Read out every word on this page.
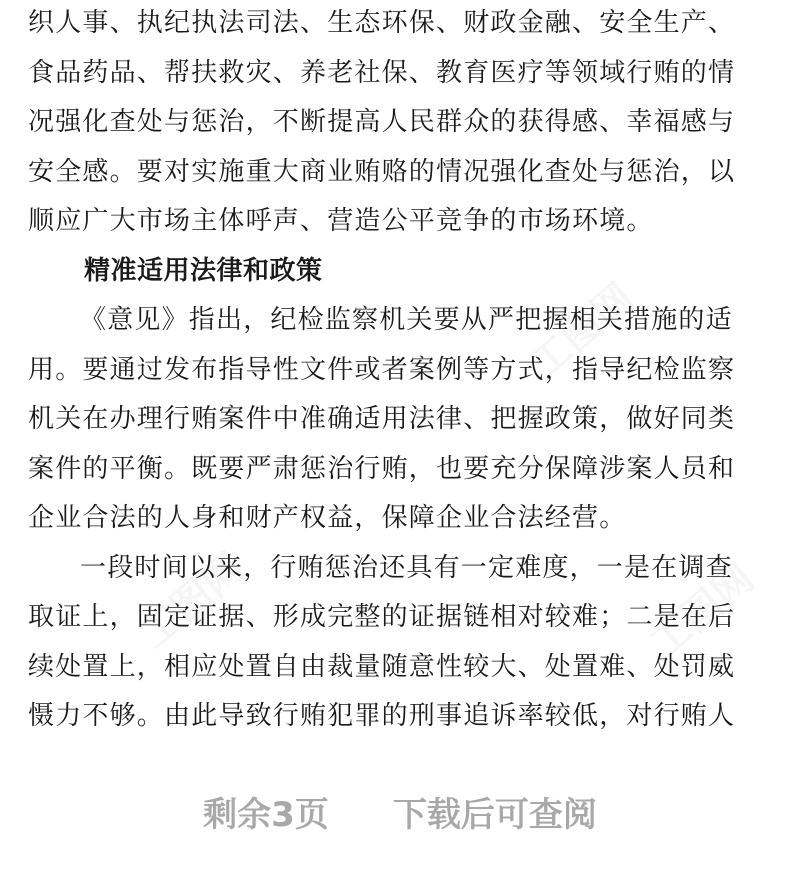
工图网
工图网	工图网

织人事、执纪执法司法、生态环保、财政金融、安全生产、

食品药品、帮扶救灾、养老社保、教育医疗等领域行贿的情

况强化查处与惩治，不断提高人民群众的获得感、幸福感与

安全感。要对实施重大商业贿赂的情况强化查处与惩治，以

顺应广大市场主体呼声、营造公平竞争的市场环境。

精准适用法律和政策

《意见》指出，纪检监察机关要从严把握相关措施的适

用。要通过发布指导性文件或者案例等方式，指导纪检监察

机关在办理行贿案件中准确适用法律、把握政策，做好同类

案件的平衡。既要严肃惩治行贿，也要充分保障涉案人员和

企业合法的人身和财产权益，保障企业合法经营。

一段时间以来，行贿惩治还具有一定难度，一是在调查

取证上，固定证据、形成完整的证据链相对较难；二是在后

续处置上，相应处置自由裁量随意性较大、处置难、处罚威

慑力不够。由此导致行贿犯罪的刑事追诉率较低，对行贿人

剩余3页 下载后可查阅
